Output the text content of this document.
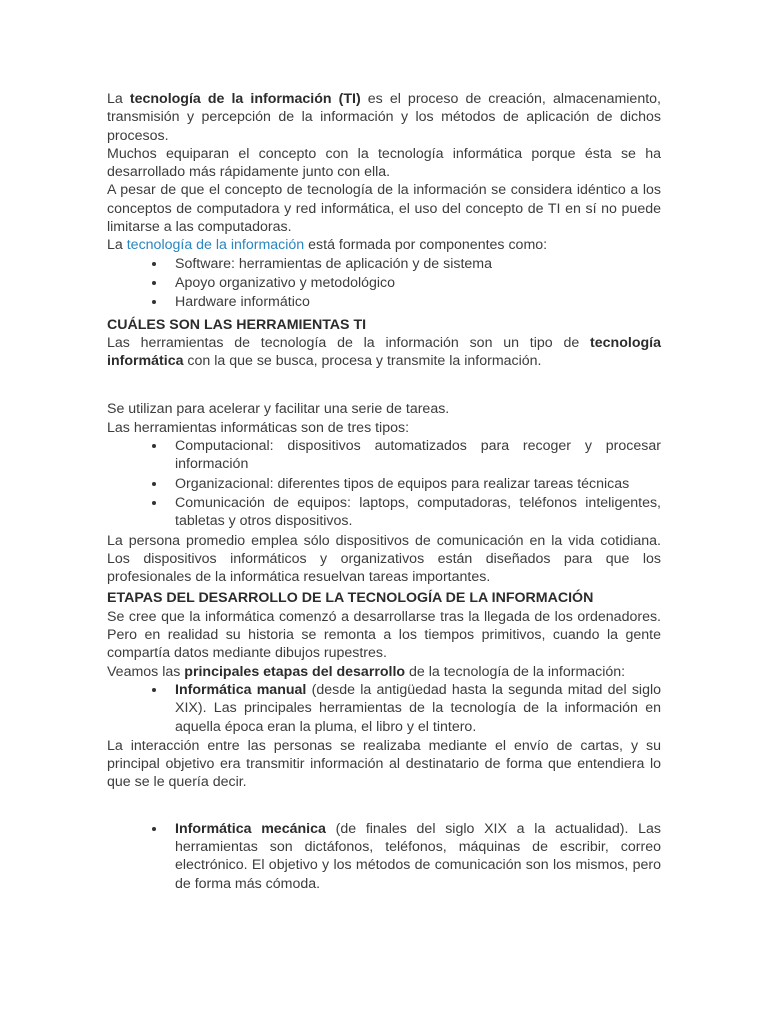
La tecnología de la información (TI) es el proceso de creación, almacenamiento, transmisión y percepción de la información y los métodos de aplicación de dichos procesos.

Muchos equiparan el concepto con la tecnología informática porque ésta se ha desarrollado más rápidamente junto con ella.

A pesar de que el concepto de tecnología de la información se considera idéntico a los conceptos de computadora y red informática, el uso del concepto de TI en sí no puede limitarse a las computadoras.

La tecnología de la información está formada por componentes como:

Software: herramientas de aplicación y de sistema
Apoyo organizativo y metodológico
Hardware informático
CUÁLES SON LAS HERRAMIENTAS TI

Las herramientas de tecnología de la información son un tipo de tecnología informática con la que se busca, procesa y transmite la información.

Se utilizan para acelerar y facilitar una serie de tareas.

Las herramientas informáticas son de tres tipos:

Computacional: dispositivos automatizados para recoger y procesar información
Organizacional: diferentes tipos de equipos para realizar tareas técnicas
Comunicación de equipos: laptops, computadoras, teléfonos inteligentes, tabletas y otros dispositivos.

La persona promedio emplea sólo dispositivos de comunicación en la vida cotidiana. Los dispositivos informáticos y organizativos están diseñados para que los profesionales de la informática resuelvan tareas importantes.

ETAPAS DEL DESARROLLO DE LA TECNOLOGÍA DE LA INFORMACIÓN

Se cree que la informática comenzó a desarrollarse tras la llegada de los ordenadores. Pero en realidad su historia se remonta a los tiempos primitivos, cuando la gente compartía datos mediante dibujos rupestres.

Veamos las principales etapas del desarrollo de la tecnología de la información:

Informática manual (desde la antigüedad hasta la segunda mitad del siglo XIX). Las principales herramientas de la tecnología de la información en aquella época eran la pluma, el libro y el tintero.

La interacción entre las personas se realizaba mediante el envío de cartas, y su principal objetivo era transmitir información al destinatario de forma que entendiera lo que se le quería decir.

Informática mecánica (de finales del siglo XIX a la actualidad). Las herramientas son dictáfonos, teléfonos, máquinas de escribir, correo electrónico. El objetivo y los métodos de comunicación son los mismos, pero de forma más cómoda.
